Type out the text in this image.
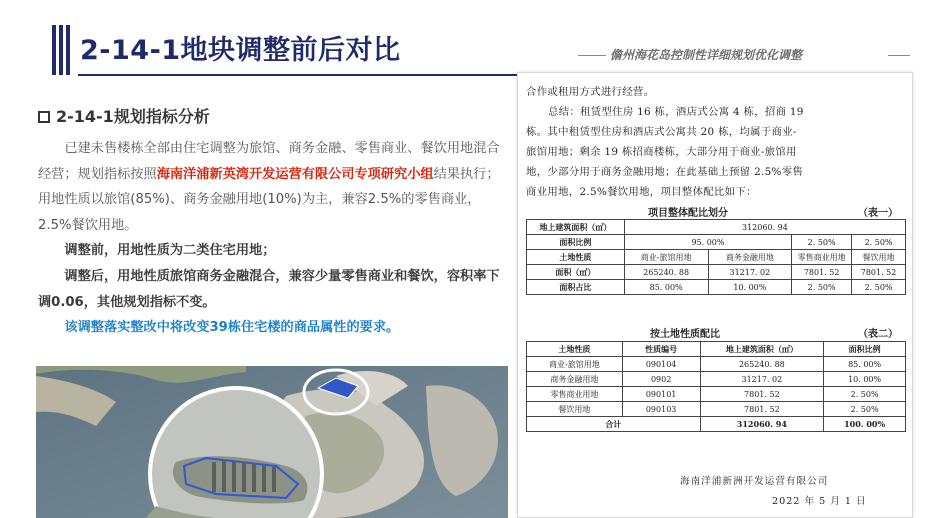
2-14-1地块调整前后对比	儋州海花岛控制性详细规划优化调整
2-14-1规划指标分析

已建未售楼栋全部由住宅调整为旅馆、商务金融、零售商业、餐饮用地混合经营；规划指标按照海南洋浦新英湾开发运营有限公司专项研究小组结果执行；用地性质以旅馆(85%)、商务金融用地(10%)为主，兼容2.5%的零售商业，2.5%餐饮用地。

调整前，用地性质为二类住宅用地；

调整后，用地性质旅馆商务金融混合，兼容少量零售商业和餐饮，容积率下调0.06，其他规划指标不变。

该调整落实整改中将改变39栋住宅楼的商品属性的要求。

合作或租用方式进行经营。
总结：租赁型住房 16 栋，酒店式公寓 4 栋，招商 19
栋。其中租赁型住房和酒店式公寓共 20 栋，均属于商业-
旅馆用地；剩余 19 栋招商楼栋，大部分用于商业-旅馆用
地，少部分用于商务金融用地；在此基础上预留 2.5%零售
商业用地，2.5%餐饮用地，项目整体配比如下：
项目整体配比划分	（表一）
地上建筑面积（㎡）	312060. 94			
面积比例	95. 00%		2. 50%	2. 50%
土地性质	商业-旅馆用地	商务金融用地	零售商业用地	餐饮用地
面积（㎡）	265240. 88	31217. 02	7801. 52	7801. 52
面积占比	85. 00%	10. 00%	2. 50%	2. 50%
按土地性质配比	（表二）
土地性质	性质编号	地上建筑面积（㎡）	面积比例
商业-旅馆用地	090104	265240. 88	85. 00%
商务金融用地	0902	31217. 02	10. 00%
零售商业用地	090101	7801. 52	2. 50%
餐饮用地	090103	7801. 52	2. 50%
合计		312060. 94	100. 00%
海南洋浦新洲开发运营有限公司
2022 年 5 月 1 日
